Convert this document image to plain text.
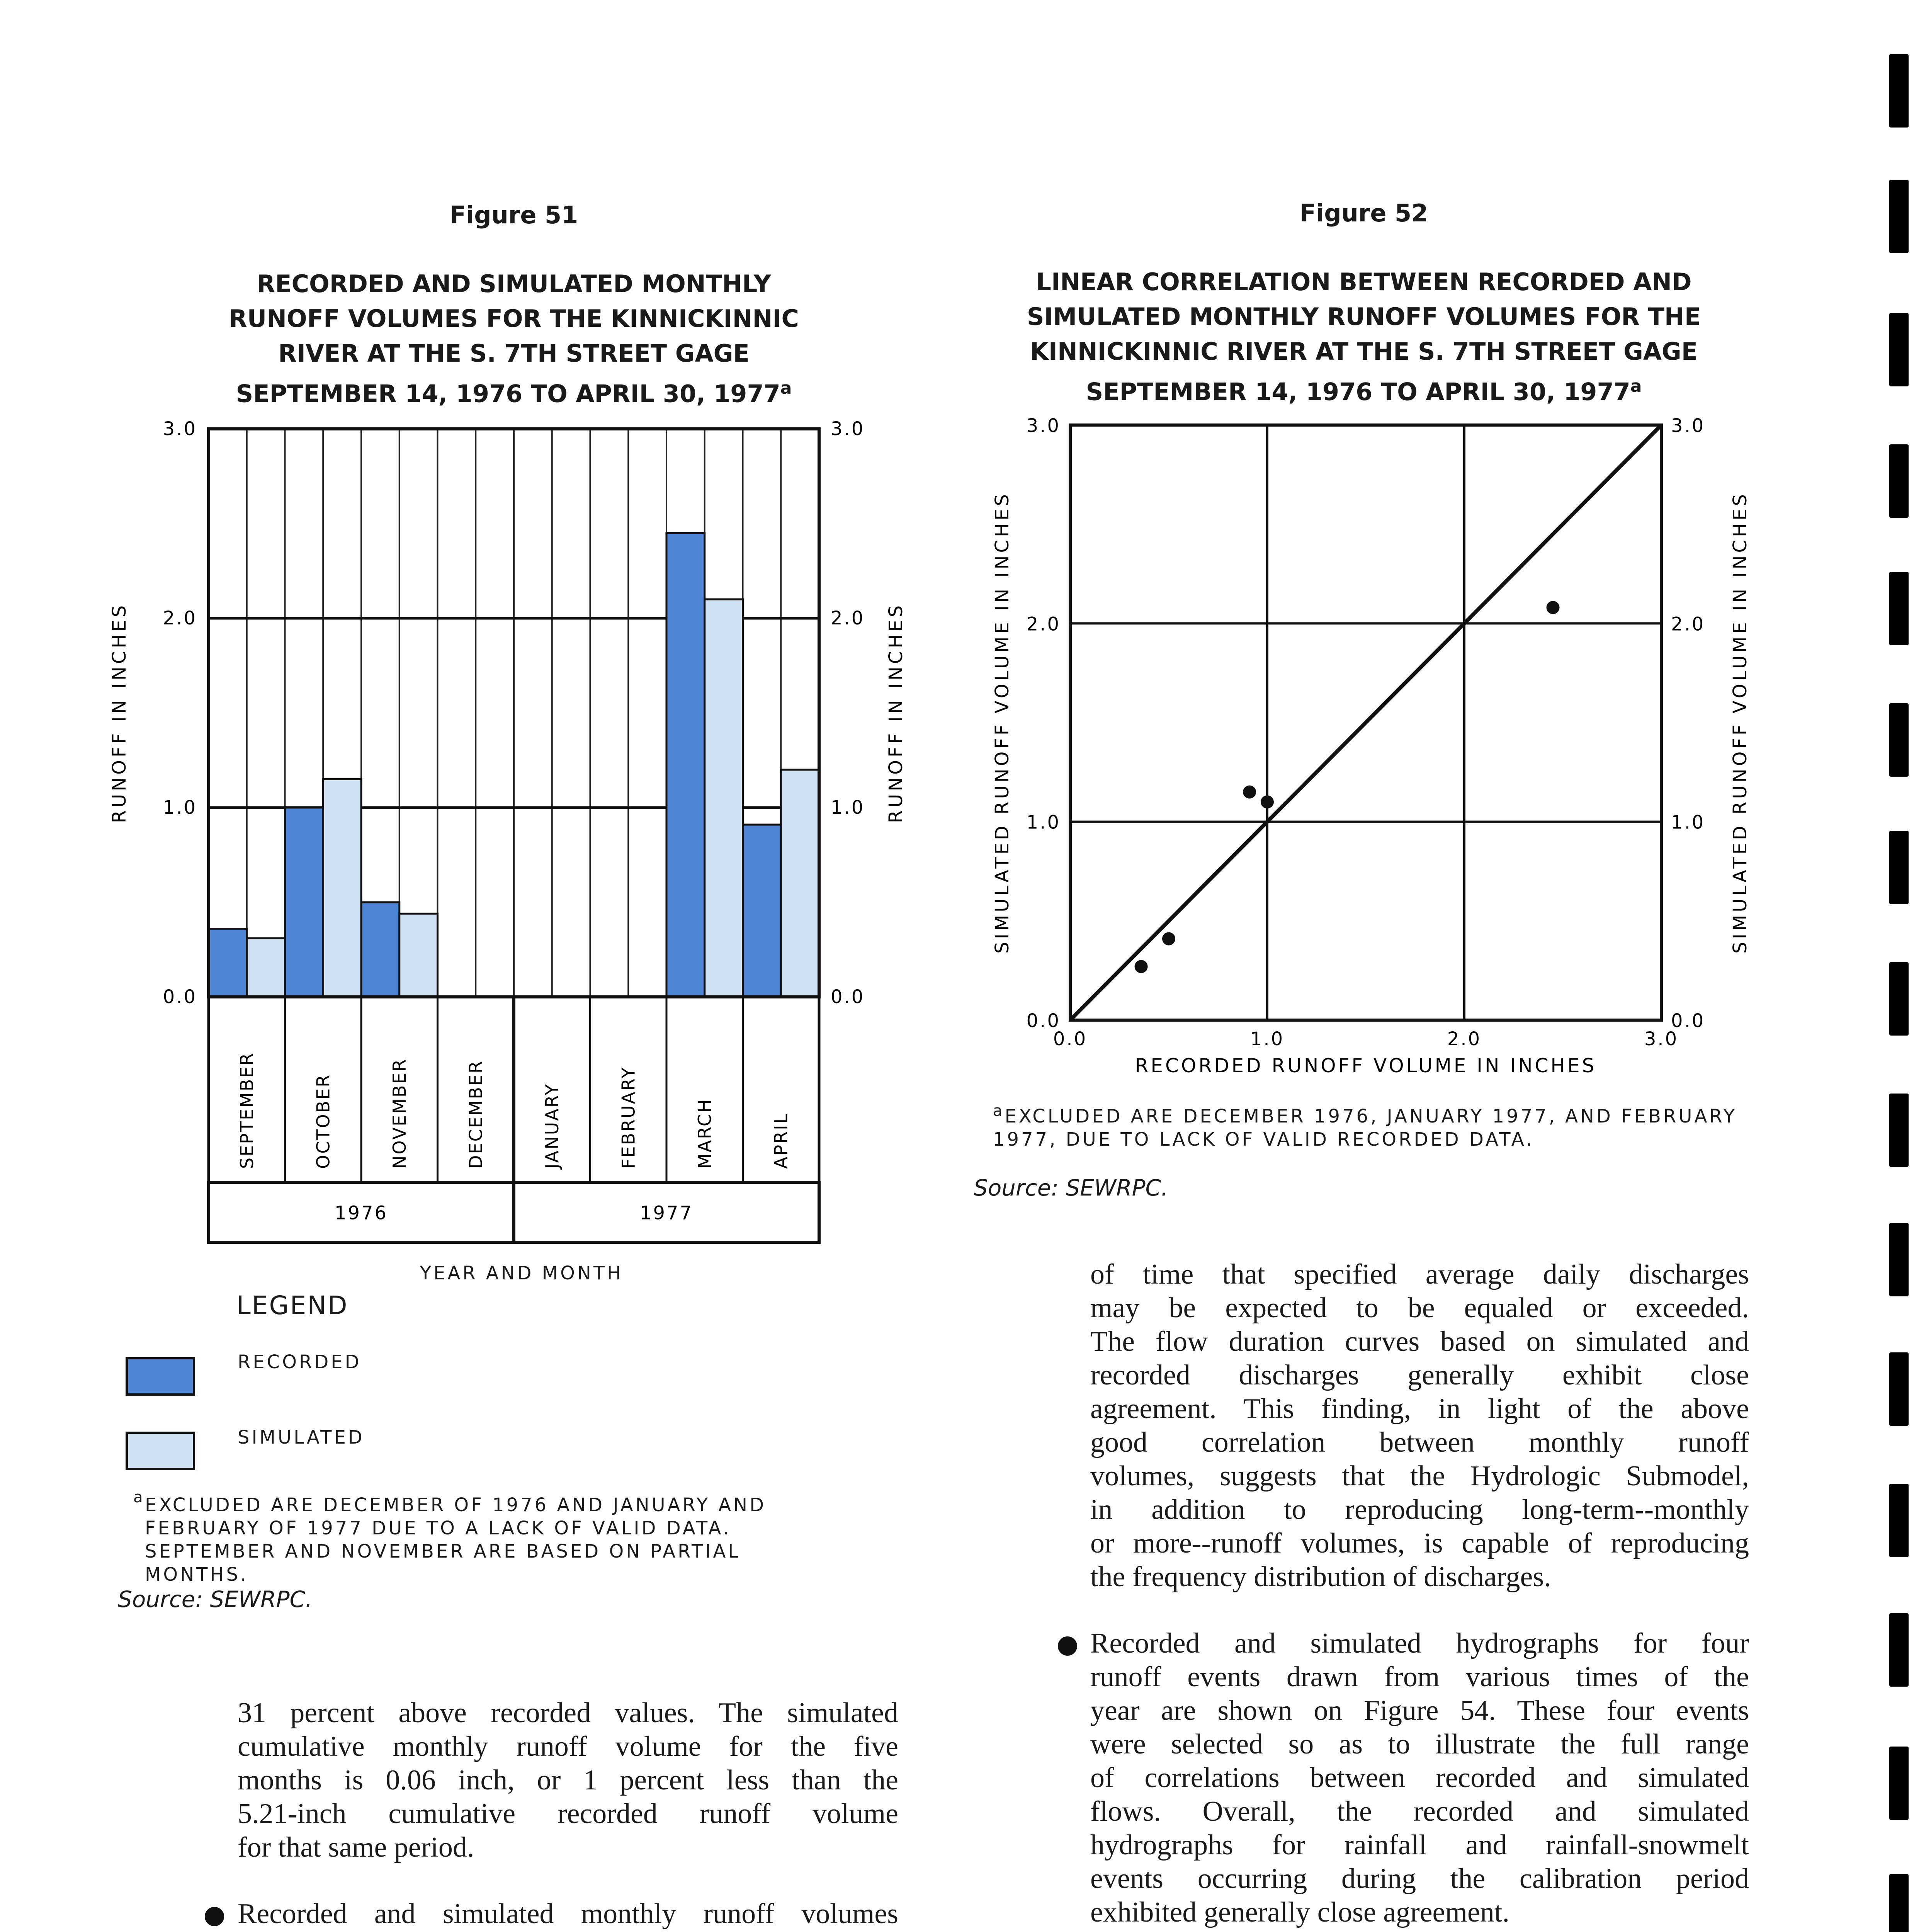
Figure 51
RECORDED AND SIMULATED MONTHLY
RUNOFF VOLUMES FOR THE KINNICKINNIC
RIVER AT THE S. 7TH STREET GAGE
SEPTEMBER 14, 1976 TO APRIL 30, 1977$^a$
0.0	0.0
1.0	1.0
2.0	2.0
3.0	3.0
SEPTEMBER	OCTOBER	NOVEMBER	DECEMBER	JANUARY	FEBRUARY	MARCH	APRIL
1976	1977
RUNOFF IN INCHES	RUNOFF IN INCHES
YEAR AND MONTH
LEGEND
RECORDED
SIMULATED
a EXCLUDED ARE DECEMBER OF 1976 AND JANUARY AND
FEBRUARY OF 1977 DUE TO A LACK OF VALID DATA.
SEPTEMBER AND NOVEMBER ARE BASED ON PARTIAL
MONTHS.
Source: SEWRPC.
Figure 52
LINEAR CORRELATION BETWEEN RECORDED AND
SIMULATED MONTHLY RUNOFF VOLUMES FOR THE
KINNICKINNIC RIVER AT THE S. 7TH STREET GAGE
SEPTEMBER 14, 1976 TO APRIL 30, 1977$^a$
0.0	1.0	2.0	3.0
0.0	0.0
1.0	1.0
2.0	2.0
3.0	3.0
RECORDED RUNOFF VOLUME IN INCHES
SIMULATED RUNOFF VOLUME IN INCHES	SIMULATED RUNOFF VOLUME IN INCHES
$^a$EXCLUDED ARE DECEMBER 1976, JANUARY 1977, AND FEBRUARY
1977, DUE TO LACK OF VALID RECORDED DATA.
Source: SEWRPC.
31 percent above recorded values. The simulated
cumulative monthly runoff volume for the five
months is 0.06 inch, or 1 percent less than the
5.21-inch cumulative recorded runoff volume
for that same period.
Recorded and simulated monthly runoff volumes
of time that specified average daily discharges
may be expected to be equaled or exceeded.
The flow duration curves based on simulated and
recorded discharges generally exhibit close
agreement. This finding, in light of the above
good correlation between monthly runoff
volumes, suggests that the Hydrologic Submodel,
in addition to reproducing long-term--monthly
or more--runoff volumes, is capable of reproducing
the frequency distribution of discharges.
Recorded and simulated hydrographs for four
runoff events drawn from various times of the
year are shown on Figure 54. These four events
were selected so as to illustrate the full range
of correlations between recorded and simulated
flows. Overall, the recorded and simulated
hydrographs for rainfall and rainfall-snowmelt
events occurring during the calibration period
exhibited generally close agreement.
